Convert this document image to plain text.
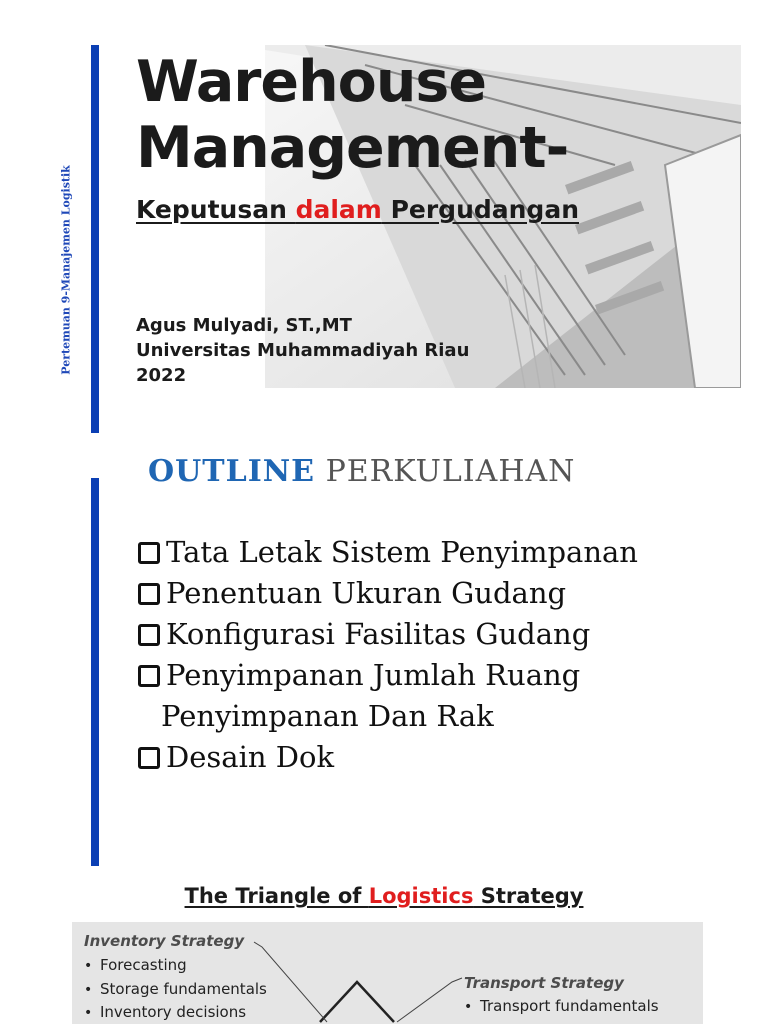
Pertemuan 9-Manajemen Logistik
Warehouse
Management-
Keputusan dalam Pergudangan
Agus Mulyadi, ST.,MT
Universitas Muhammadiyah Riau
2022
OUTLINE PERKULIAHAN
Tata Letak Sistem Penyimpanan
Penentuan Ukuran Gudang
Konfigurasi Fasilitas Gudang
Penyimpanan Jumlah Ruang
Penyimpanan Dan Rak
Desain Dok
The Triangle of Logistics Strategy
Inventory Strategy
• Forecasting
• Storage fundamentals
• Inventory decisions
Transport Strategy
• Transport fundamentals
